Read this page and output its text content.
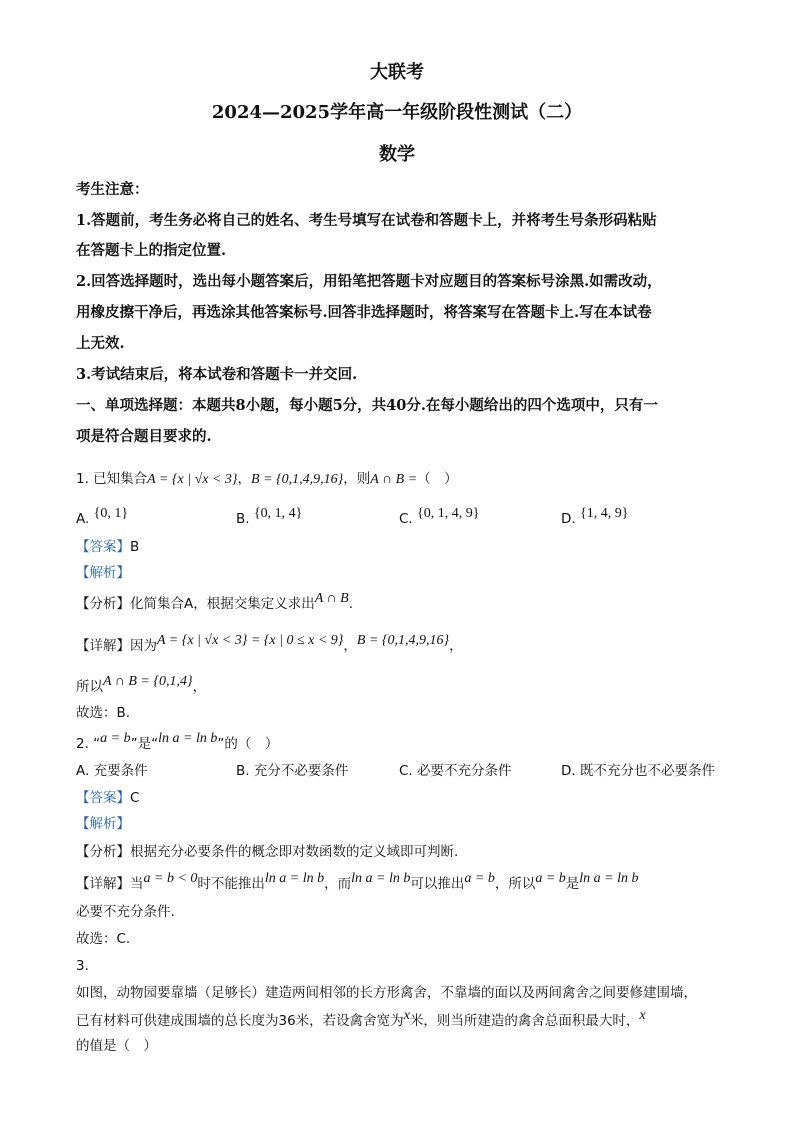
大联考
2024—2025学年高一年级阶段性测试（二）
数学
考生注意：
1.答题前，考生务必将自己的姓名、考生号填写在试卷和答题卡上，并将考生号条形码粘贴
在答题卡上的指定位置.
2.回答选择题时，选出每小题答案后，用铅笔把答题卡对应题目的答案标号涂黑.如需改动，
用橡皮擦干净后，再选涂其他答案标号.回答非选择题时，将答案写在答题卡上.写在本试卷
上无效.
3.考试结束后，将本试卷和答题卡一并交回.
一、单项选择题：本题共8小题，每小题5分，共40分.在每小题给出的四个选项中，只有一
项是符合题目要求的.
1. 已知集合A = {x | √x < 3}，B = {0,1,4,9,16}，则A ∩ B =（　）
A. {0, 1}	B. {0, 1, 4}	C. {0, 1, 4, 9}	D. {1, 4, 9}
【答案】B
【解析】
【分析】化简集合A，根据交集定义求出A ∩ B.
【详解】因为A = {x | √x < 3} = {x | 0 ≤ x < 9}，B = {0,1,4,9,16}，
所以A ∩ B = {0,1,4}，
故选：B.
2. “a = b”是“ln a = ln b”的（　）
A. 充要条件	B. 充分不必要条件	C. 必要不充分条件	D. 既不充分也不必要条件
【答案】C
【解析】
【分析】根据充分必要条件的概念即对数函数的定义域即可判断.
【详解】当a = b < 0时不能推出ln a = ln b，而ln a = ln b可以推出a = b，所以a = b是ln a = ln b
必要不充分条件.
故选：C.
3.
如图，动物园要靠墙（足够长）建造两间相邻的长方形禽舍，不靠墙的面以及两间禽舍之间要修建围墙，
已有材料可供建成围墙的总长度为36米，若设禽舍宽为x米，则当所建造的禽舍总面积最大时，x
的值是（　）
